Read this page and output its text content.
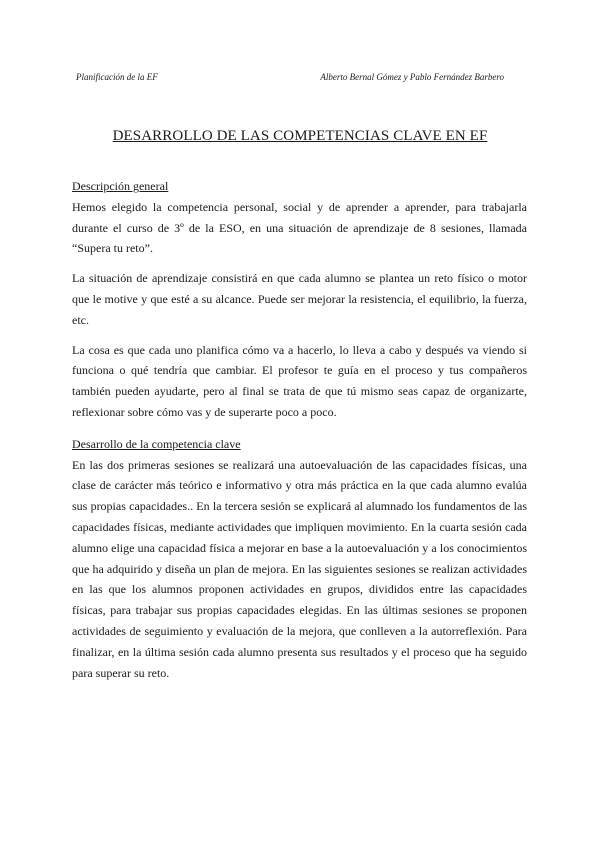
Planificación de la EF	Alberto Bernal Gómez y Pablo Fernández Barbero
DESARROLLO DE LAS COMPETENCIAS CLAVE EN EF
Descripción general

Hemos elegido la competencia personal, social y de aprender a aprender, para trabajarla durante el curso de 3º de la ESO, en una situación de aprendizaje de 8 sesiones, llamada “Supera tu reto”.

La situación de aprendizaje consistirá en que cada alumno se plantea un reto físico o motor que le motive y que esté a su alcance. Puede ser mejorar la resistencia, el equilibrio, la fuerza, etc.

La cosa es que cada uno planifica cómo va a hacerlo, lo lleva a cabo y después va viendo si funciona o qué tendría que cambiar. El profesor te guía en el proceso y tus compañeros también pueden ayudarte, pero al final se trata de que tú mismo seas capaz de organizarte, reflexionar sobre cómo vas y de superarte poco a poco.

Desarrollo de la competencia clave

En las dos primeras sesiones se realizará una autoevaluación de las capacidades físicas, una clase de carácter más teórico e informativo y otra más práctica en la que cada alumno evalúa sus propias capacidades.. En la tercera sesión se explicará al alumnado los fundamentos de las capacidades físicas, mediante actividades que impliquen movimiento. En la cuarta sesión cada alumno elige una capacidad física a mejorar en base a la autoevaluación y a los conocimientos que ha adquirido y diseña un plan de mejora. En las siguientes sesiones se realizan actividades en las que los alumnos proponen actividades en grupos, divididos entre las capacidades físicas, para trabajar sus propias capacidades elegidas. En las últimas sesiones se proponen actividades de seguimiento y evaluación de la mejora, que conlleven a la autorreflexión. Para finalizar, en la última sesión cada alumno presenta sus resultados y el proceso que ha seguido para superar su reto.
